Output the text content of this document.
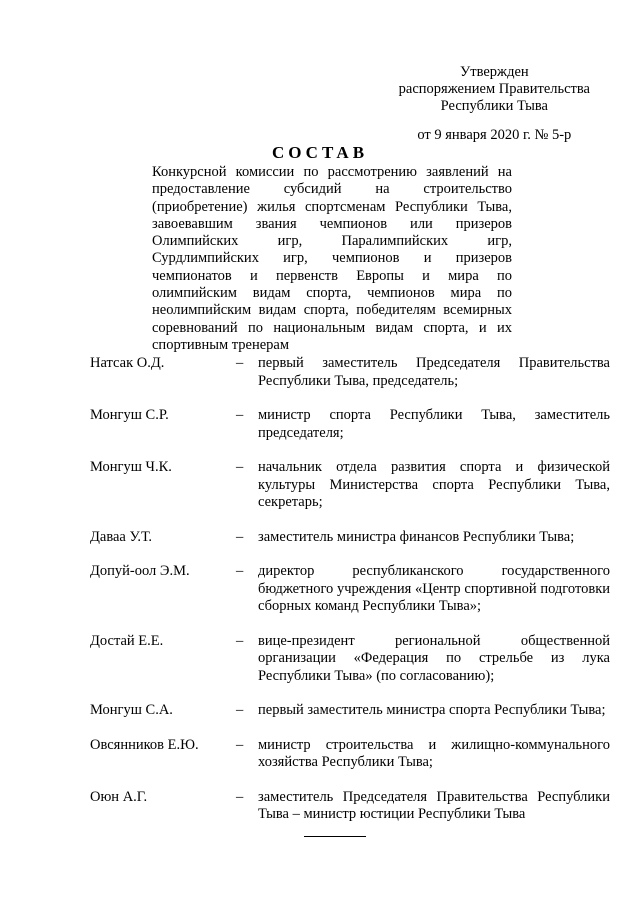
Утвержден
распоряжением Правительства
Республики Тыва
от 9 января 2020 г. № 5-р
СОСТАВ
Конкурсной комиссии по рассмотрению заявлений на предоставление субсидий на строительство (приобретение) жилья спортсменам Республики Тыва, завоевавшим звания чемпионов или призеров Олимпийских игр, Паралимпийских игр, Сурдлимпийских игр, чемпионов и призеров чемпионатов и первенств Европы и мира по олимпийским видам спорта, чемпионов мира по неолимпийским видам спорта, победителям всемирных соревнований по национальным видам спорта, и их спортивным тренерам
Натсак О.Д.	–	первый заместитель Председателя Правительства Республики Тыва, председатель;
Монгуш С.Р.	–	министр спорта Республики Тыва, заместитель председателя;
Монгуш Ч.К.	–	начальник отдела развития спорта и физической культуры Министерства спорта Республики Тыва, секретарь;
Даваа У.Т.	–	заместитель министра финансов Республики Тыва;
Допуй-оол Э.М.	–	директор республиканского государственного бюджетного учреждения «Центр спортивной подготовки сборных команд Республики Тыва»;
Достай Е.Е.	–	вице-президент региональной общественной организации «Федерация по стрельбе из лука Республики Тыва» (по согласованию);
Монгуш С.А.	–	первый заместитель министра спорта Республики Тыва;
Овсянников Е.Ю.	–	министр строительства и жилищно-коммунального хозяйства Республики Тыва;
Оюн А.Г.	–	заместитель Председателя Правительства Республики Тыва – министр юстиции Республики Тыва
